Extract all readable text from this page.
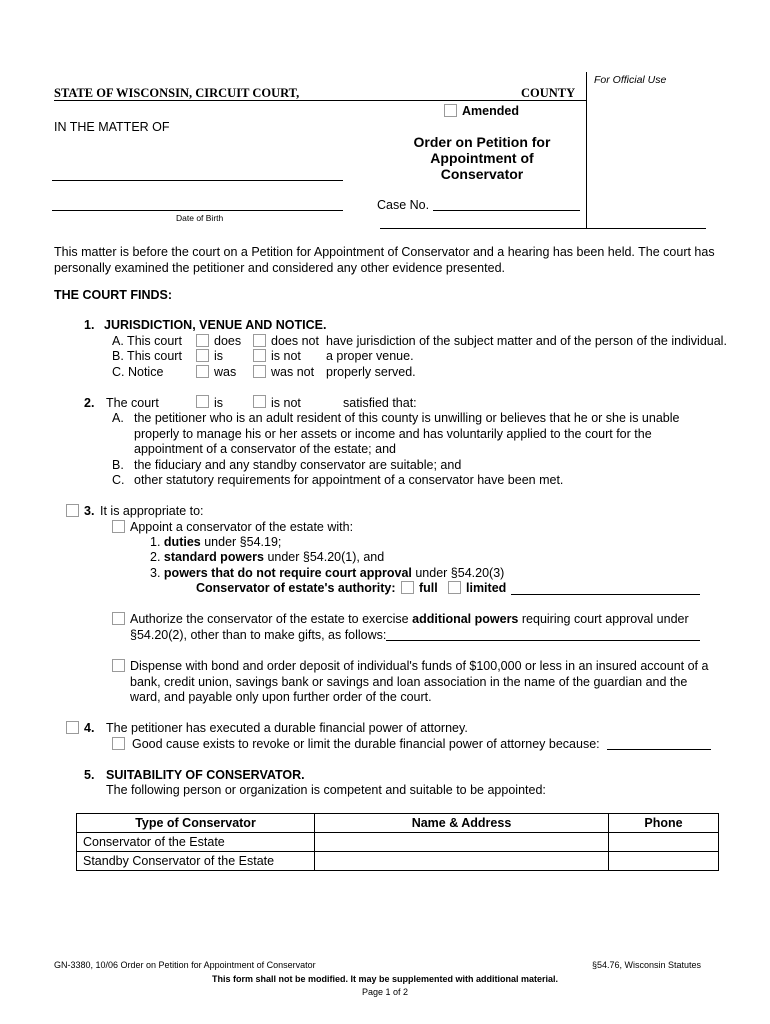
For Official Use
STATE OF WISCONSIN, CIRCUIT COURT,	COUNTY
Amended
IN THE MATTER OF
Date of Birth
Order on Petition for
Appointment of
Conservator
Case No.
This matter is before the court on a Petition for Appointment of Conservator and a hearing has been held. The court has
personally examined the petitioner and considered any other evidence presented.
THE COURT FINDS:
1. JURISDICTION, VENUE AND NOTICE.
A. This court	does does not have jurisdiction of the subject matter and of the person of the individual.
B. This court	is	is not a proper venue.
C. Notice	was	was not properly served.
2. The court	is	is not	satisfied that:
A. the petitioner who is an adult resident of this county is unwilling or believes that he or she is unable
properly to manage his or her assets or income and has voluntarily applied to the court for the
appointment of a conservator of the estate; and
B. the fiduciary and any standby conservator are suitable; and
C. other statutory requirements for appointment of a conservator have been met.
3. It is appropriate to:
Appoint a conservator of the estate with:
1. duties under §54.19;
2. standard powers under §54.20(1), and
3. powers that do not require court approval under §54.20(3)
Conservator of estate's authority: full limited
Authorize the conservator of the estate to exercise additional powers requiring court approval under
§54.20(2), other than to make gifts, as follows:
Dispense with bond and order deposit of individual's funds of $100,000 or less in an insured account of a
bank, credit union, savings bank or savings and loan association in the name of the guardian and the
ward, and payable only upon further order of the court.
4. The petitioner has executed a durable financial power of attorney.
Good cause exists to revoke or limit the durable financial power of attorney because:
5. SUITABILITY OF CONSERVATOR.
The following person or organization is competent and suitable to be appointed:
Type of Conservator	Name & Address	Phone
Conservator of the Estate		
Standby Conservator of the Estate		
GN-3380, 10/06 Order on Petition for Appointment of Conservator	§54.76, Wisconsin Statutes
This form shall not be modified. It may be supplemented with additional material.
Page 1 of 2
